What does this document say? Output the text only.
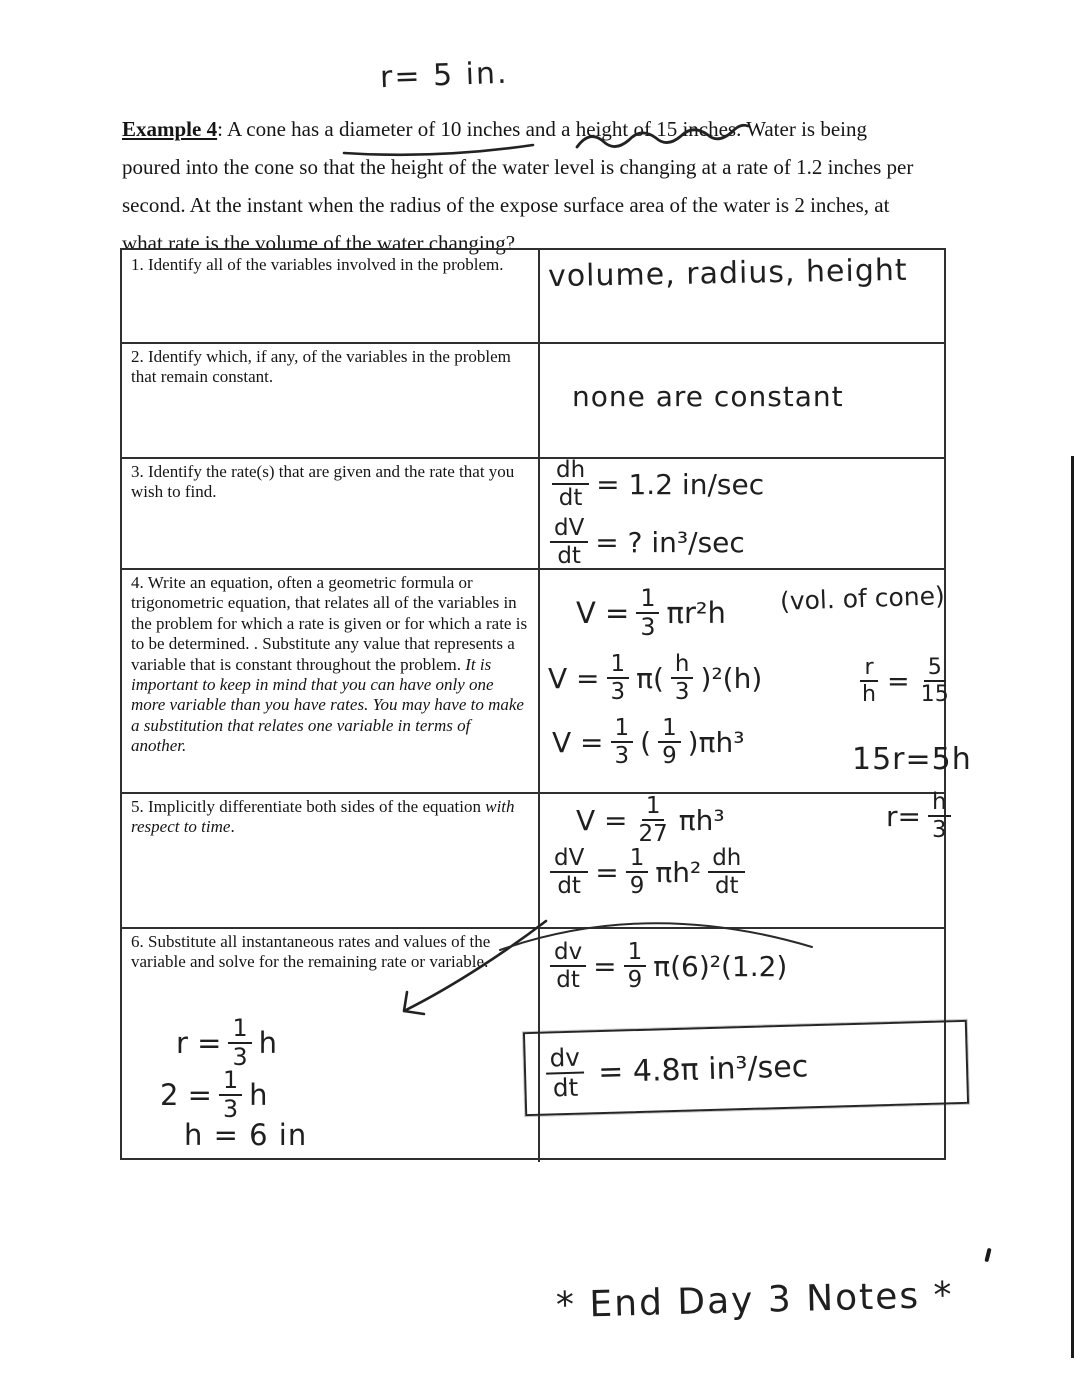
r= 5 in.
Example 4: A cone has a diameter of 10 inches and a height of 15 inches. Water is being
poured into the cone so that the height of the water level is changing at a rate of 1.2 inches per
second. At the instant when the radius of the expose surface area of the water is 2 inches, at
what rate is the volume of the water changing?

1. Identify all of the variables involved in the problem.

2. Identify which, if any, of the variables in the problem that remain constant.

3. Identify the rate(s) that are given and the rate that you wish to find.

4. Write an equation, often a geometric formula or trigonometric equation, that relates all of the variables in the problem for which a rate is given or for which a rate is to be determined. . Substitute any value that represents a variable that is constant throughout the problem. It is important to keep in mind that you can have only one more variable than you have rates. You may have to make a substitution that relates one variable in terms of another.

5. Implicitly differentiate both sides of the equation with respect to time.

6. Substitute all instantaneous rates and values of the variable and solve for the remaining rate or variable.

volume, radius, height
none are constant
$\frac{dh}{dt} = 1.2$ in/sec
$\frac{dV}{dt}$ = ? in³/sec
$V = \frac{1}{3} \pi r^2h$ (vol. of cone)
$V = \frac{1}{3} \pi( \frac{h}{3} )^2(h)$
$V = \frac{1}{3}$ ( $\frac{1}{9} )\pi h^3$
$\frac{r}{h} = \frac{5}{15}$
15r=5h
$r= \frac{h}{3}$
$V = \frac{1}{27} \pi h^3$
$\frac{dV}{dt} = \frac{1}{9} \pi h^2 \frac{dh}{dt}$
$r = \frac{1}{3}$ h
$2 = \frac{1}{3}$ h
h = 6 in
$\frac{dv}{dt} = \frac{1}{9} \pi(6)^2(1.2)$
$\frac{dv}{dt} = 4.8\pi$ in³/sec
* End Day 3 Notes *
